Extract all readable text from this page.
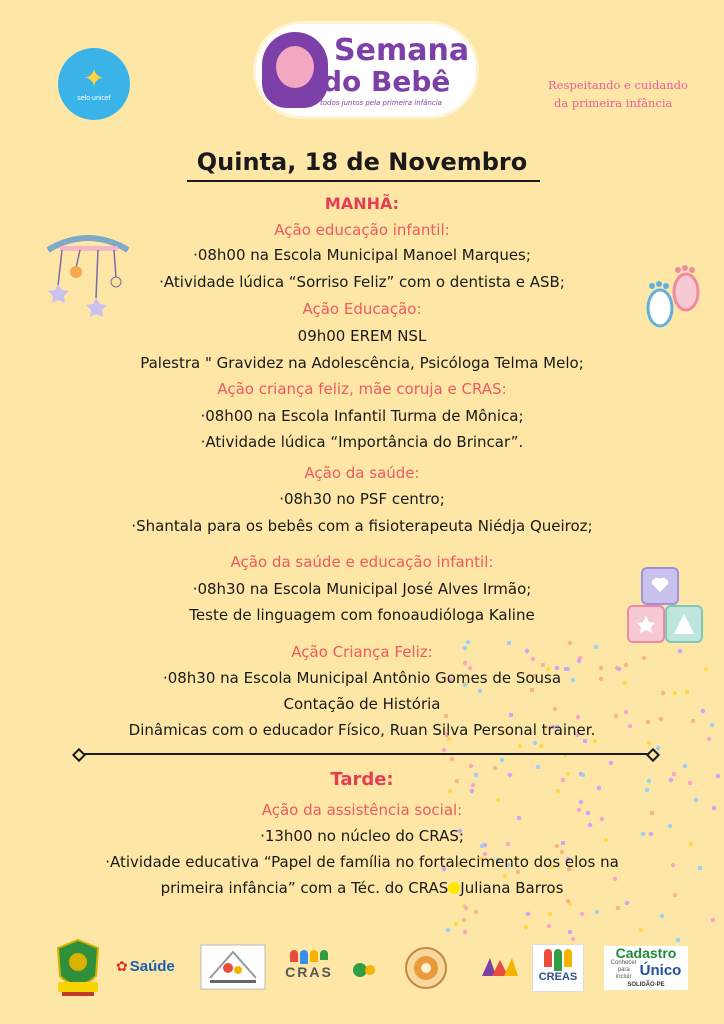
✦
selo unicef
Semana
do Bebê
todos juntos pela primeira infância
Respeitando e cuidando
da primeira infância
Quinta, 18 de Novembro
MANHÃ:
Ação educação infantil:
·08h00 na Escola Municipal Manoel Marques;
·Atividade lúdica “Sorriso Feliz” com o dentista e ASB;
Ação Educação:
09h00 EREM NSL
Palestra " Gravidez na Adolescência, Psicóloga Telma Melo;
Ação criança feliz, mãe coruja e CRAS:
·08h00 na Escola Infantil Turma de Mônica;
·Atividade lúdica “Importância do Brincar”.
Ação da saúde:
·08h30 no PSF centro;
·Shantala para os bebês com a fisioterapeuta Niédja Queiroz;
Ação da saúde e educação infantil:
·08h30 na Escola Municipal José Alves Irmão;
Teste de linguagem com fonoaudióloga Kaline
Ação Criança Feliz:
·08h30 na Escola Municipal Antônio Gomes de Sousa
Contação de História
Dinâmicas com o educador Físico, Ruan Silva Personal trainer.
Tarde:
Ação da assistência social:
·13h00 no núcleo do CRAS;
·Atividade educativa “Papel de família no fortalecimento dos elos na
primeira infância” com a Téc. do CRAS Juliana Barros
✿ Saúde	CRAS	CREAS
Cadastro
Conhecer para incluir Único
SOLIDÃO-PE
